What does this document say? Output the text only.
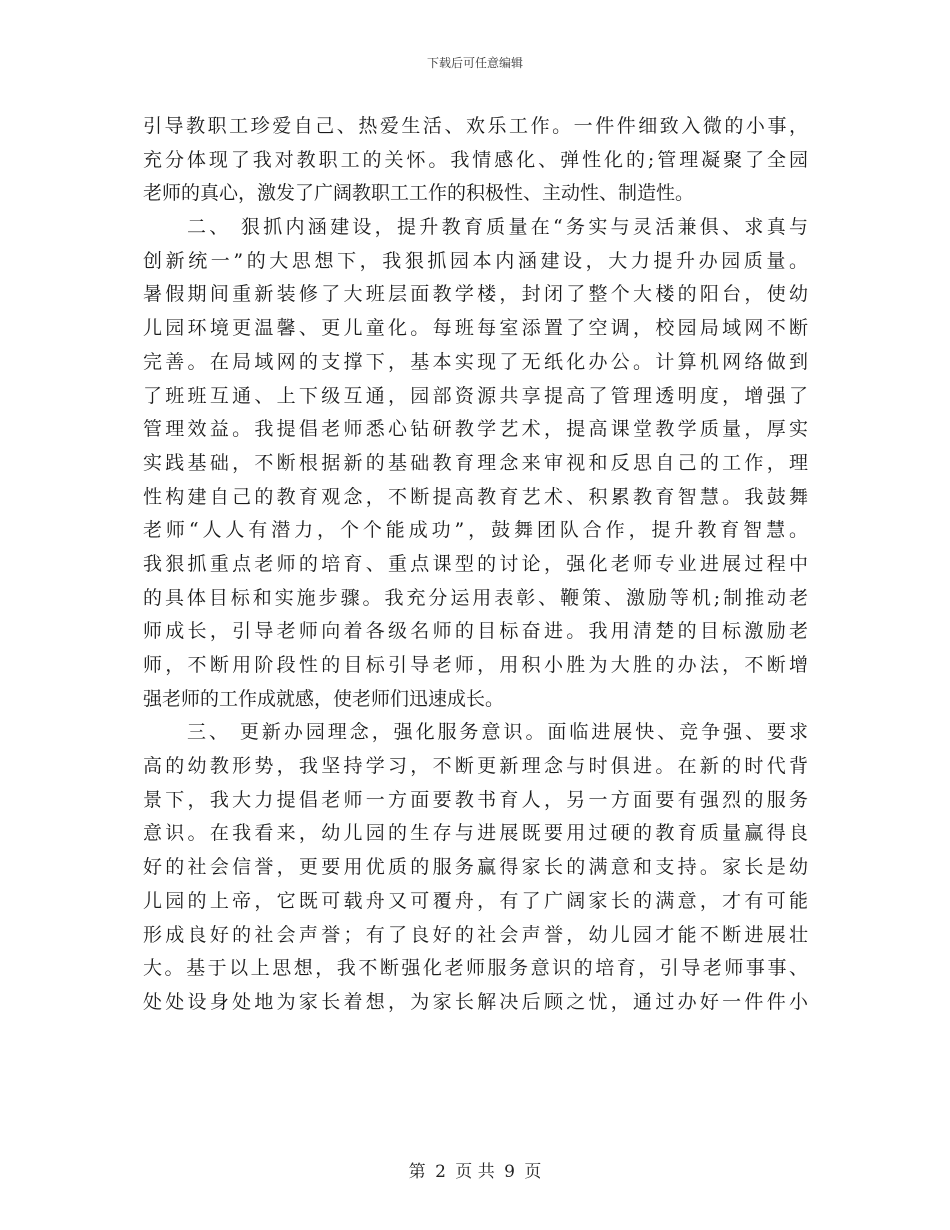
下载后可任意编辑
引导教职工珍爱自己、热爱生活、欢乐工作。一件件细致入微的小事，
充分体现了我对教职工的关怀。我情感化、弹性化的;管理凝聚了全园
老师的真心，激发了广阔教职工工作的积极性、主动性、制造性。
二、 狠抓内涵建设，提升教育质量在“务实与灵活兼俱、求真与
创新统一”的大思想下，我狠抓园本内涵建设，大力提升办园质量。
暑假期间重新装修了大班层面教学楼，封闭了整个大楼的阳台，使幼
儿园环境更温馨、更儿童化。每班每室添置了空调，校园局域网不断
完善。在局域网的支撑下，基本实现了无纸化办公。计算机网络做到
了班班互通、上下级互通，园部资源共享提高了管理透明度，增强了
管理效益。我提倡老师悉心钻研教学艺术，提高课堂教学质量，厚实
实践基础，不断根据新的基础教育理念来审视和反思自己的工作，理
性构建自己的教育观念，不断提高教育艺术、积累教育智慧。我鼓舞
老师“人人有潜力，个个能成功”，鼓舞团队合作，提升教育智慧。
我狠抓重点老师的培育、重点课型的讨论，强化老师专业进展过程中
的具体目标和实施步骤。我充分运用表彰、鞭策、激励等机;制推动老
师成长，引导老师向着各级名师的目标奋进。我用清楚的目标激励老
师，不断用阶段性的目标引导老师，用积小胜为大胜的办法，不断增
强老师的工作成就感，使老师们迅速成长。
三、 更新办园理念，强化服务意识。面临进展快、竞争强、要求
高的幼教形势，我坚持学习，不断更新理念与时俱进。在新的时代背
景下，我大力提倡老师一方面要教书育人，另一方面要有强烈的服务
意识。在我看来，幼儿园的生存与进展既要用过硬的教育质量赢得良
好的社会信誉，更要用优质的服务赢得家长的满意和支持。家长是幼
儿园的上帝，它既可载舟又可覆舟，有了广阔家长的满意，才有可能
形成良好的社会声誉；有了良好的社会声誉，幼儿园才能不断进展壮
大。基于以上思想，我不断强化老师服务意识的培育，引导老师事事、
处处设身处地为家长着想，为家长解决后顾之忧，通过办好一件件小
第 2 页 共 9 页
